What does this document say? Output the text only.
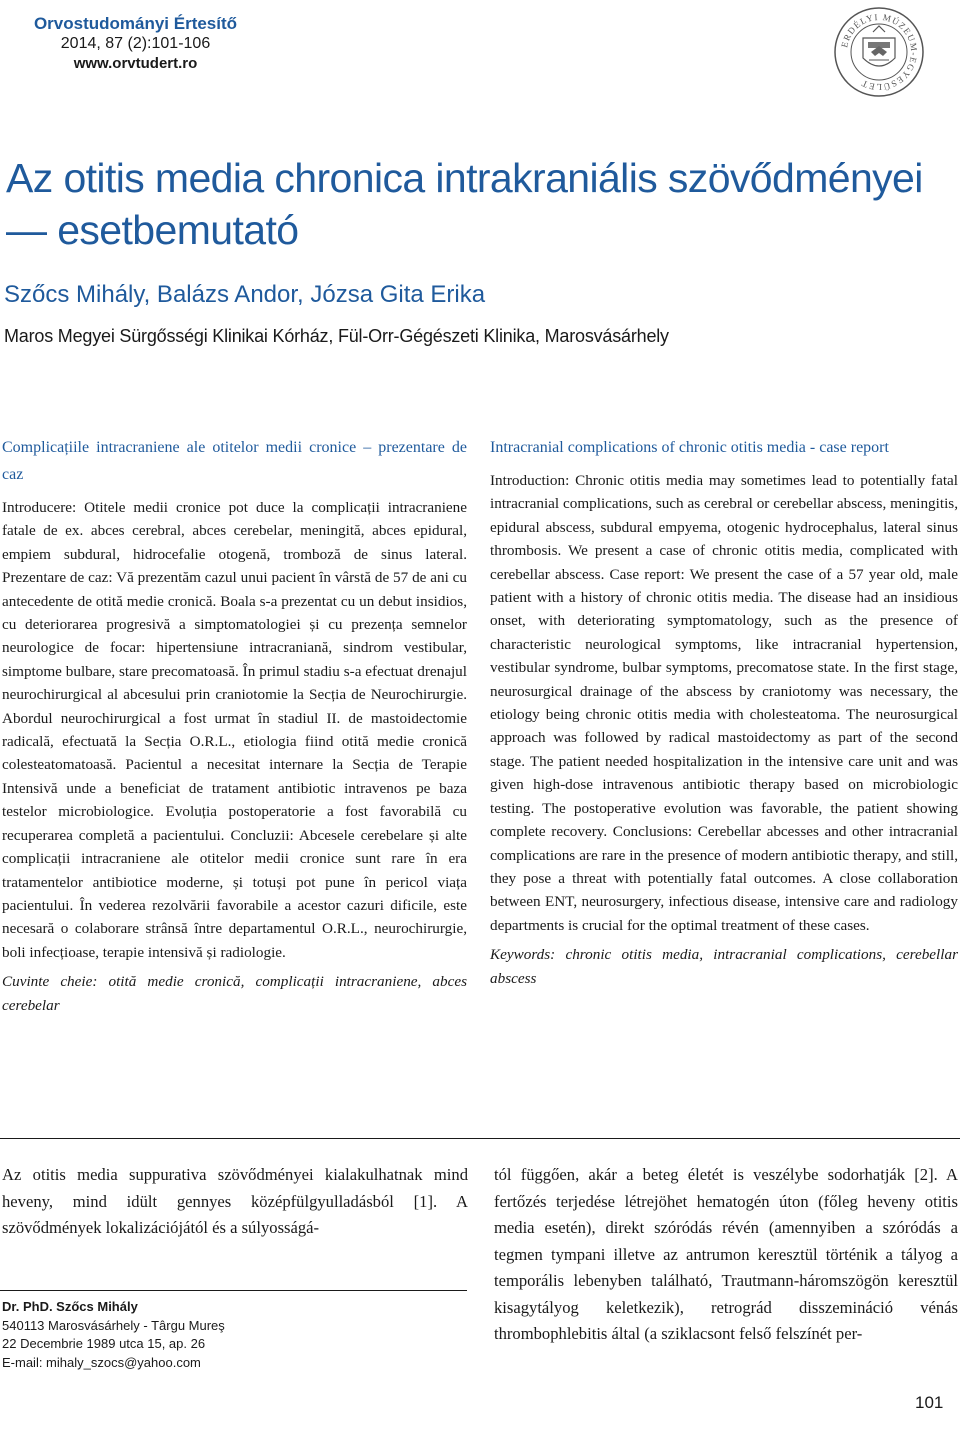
Orvostudományi Értesítő
2014, 87 (2):101-106
www.orvtudert.ro
ERDÉLYI MÚZEUM-EGYESÜLET
Az otitis media chronica intrakraniális szövődményei — esetbemutató
Szőcs Mihály, Balázs Andor, Józsa Gita Erika
Maros Megyei Sürgősségi Klinikai Kórház, Fül-Orr-Gégészeti Klinika, Marosvásárhely

Complicațiile intracraniene ale otitelor medii cronice – prezentare de caz

Introducere: Otitele medii cronice pot duce la complicații intracraniene fatale de ex. abces cerebral, abces cerebelar, meningită, abces epidural, empiem subdural, hidrocefalie otogenă, tromboză de sinus lateral. Prezentare de caz: Vă prezentăm cazul unui pacient în vârstă de 57 de ani cu antecedente de otită medie cronică. Boala s-a prezentat cu un debut insidios, cu deteriorarea progresivă a simptomatologiei și cu prezența semnelor neurologice de focar: hipertensiune intracraniană, sindrom vestibular, simptome bulbare, stare precomatoasă. În primul stadiu s-a efectuat drenajul neurochirurgical al abcesului prin craniotomie la Secția de Neurochirurgie. Abordul neurochirurgical a fost urmat în stadiul II. de mastoidectomie radicală, efectuată la Secția O.R.L., etiologia fiind otită medie cronică colesteatomatoasă. Pacientul a necesitat internare la Secția de Terapie Intensivă unde a beneficiat de tratament antibiotic intravenos pe baza testelor microbiologice. Evoluția postoperatorie a fost favorabilă cu recuperarea completă a pacientului. Concluzii: Abcesele cerebelare și alte complicații intracraniene ale otitelor medii cronice sunt rare în era tratamentelor antibiotice moderne, și totuși pot pune în pericol viața pacientului. În vederea rezolvării favorabile a acestor cazuri dificile, este necesară o colaborare strânsă între departamentul O.R.L., neurochirurgie, boli infecțioase, terapie intensivă și radiologie.

Cuvinte cheie: otită medie cronică, complicații intracraniene, abces cerebelar

Intracranial complications of chronic otitis media - case report

Introduction: Chronic otitis media may sometimes lead to potentially fatal intracranial complications, such as cerebral or cerebellar abscess, meningitis, epidural abscess, subdural empyema, otogenic hydrocephalus, lateral sinus thrombosis. We present a case of chronic otitis media, complicated with cerebellar abscess. Case report: We present the case of a 57 year old, male patient with a history of chronic otitis media. The disease had an insidious onset, with deteriorating symptomatology, such as the presence of characteristic neurological symptoms, like intracranial hypertension, vestibular syndrome, bulbar symptoms, precomatose state. In the first stage, neurosurgical drainage of the abscess by craniotomy was necessary, the etiology being chronic otitis media with cholesteatoma. The neurosurgical approach was followed by radical mastoidectomy as part of the second stage. The patient needed hospitalization in the intensive care unit and was given high-dose intravenous antibiotic therapy based on microbiologic testing. The postoperative evolution was favorable, the patient showing complete recovery. Conclusions: Cerebellar abcesses and other intracranial complications are rare in the presence of modern antibiotic therapy, and still, they pose a threat with potentially fatal outcomes. A close collaboration between ENT, neurosurgery, infectious disease, intensive care and radiology departments is crucial for the optimal treatment of these cases.

Keywords: chronic otitis media, intracranial complications, cerebellar abscess

Az otitis media suppurativa szövődményei kialakulhatnak mind heveny, mind idült gennyes középfülgyulladásból [1]. A szövődmények lokalizációjától és a súlyosságá-
tól függően, akár a beteg életét is veszélybe sodorhatják [2]. A fertőzés terjedése létrejöhet hematogén úton (főleg heveny otitis media esetén), direkt szóródás révén (amennyiben a szóródás a tegmen tympani illetve az antrumon keresztül történik a tályog a temporális lebenyben található, Trautmann-háromszögön keresztül kisagytályog keletkezik), retrográd disszemináció vénás thrombophlebitis által (a sziklacsont felső felszínét per-
Dr. PhD. Szőcs Mihály
540113 Marosvásárhely - Târgu Mureş
22 Decembrie 1989 utca 15, ap. 26
E-mail: mihaly_szocs@yahoo.com
101
